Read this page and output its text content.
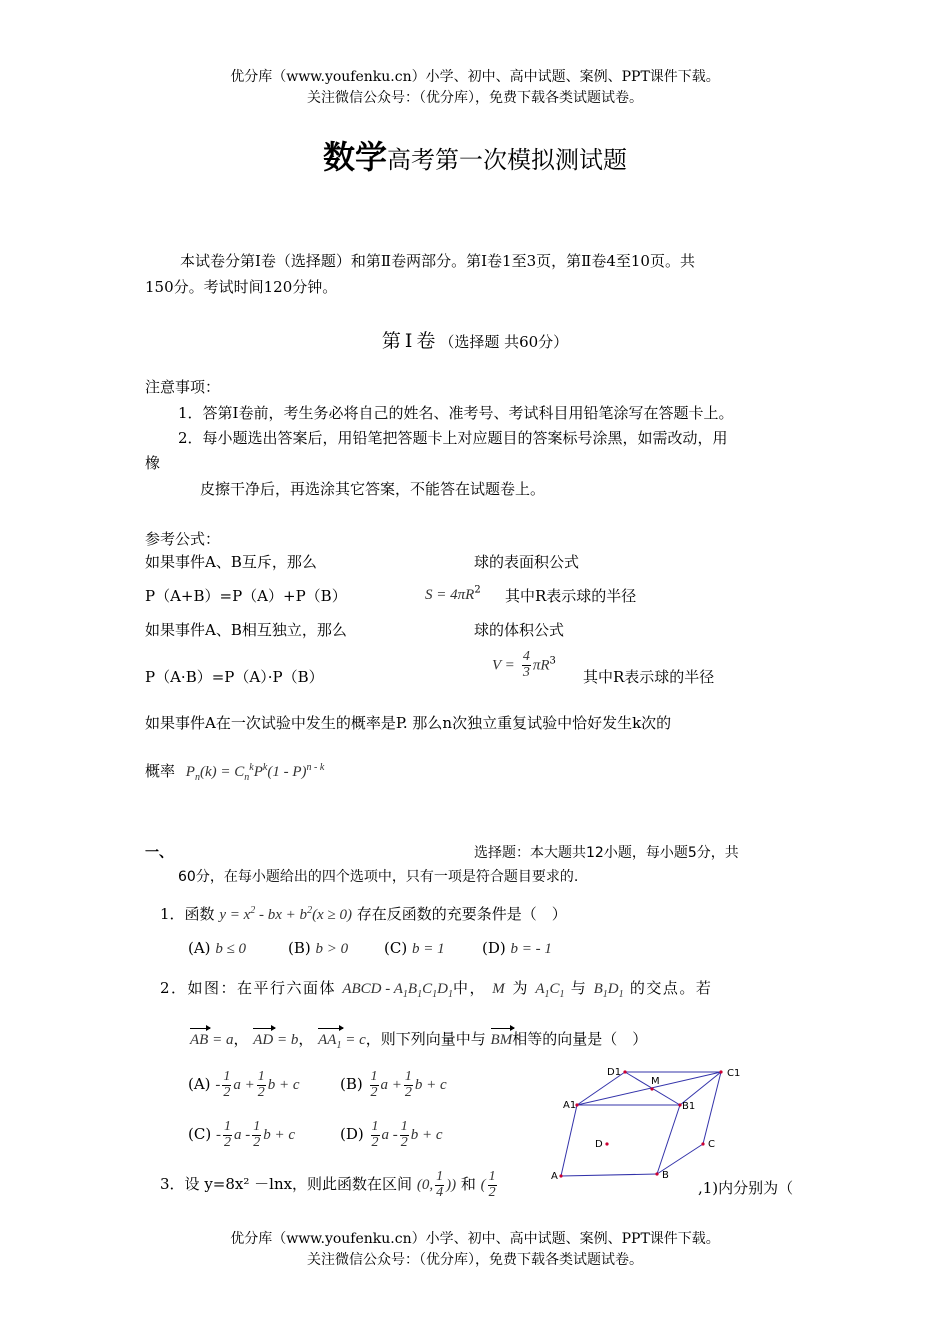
优分库（www.youfenku.cn）小学、初中、高中试题、案例、PPT课件下载。
关注微信公众号：（优分库），免费下载各类试题试卷。
数学高考第一次模拟测试题
本试卷分第Ⅰ卷（选择题）和第Ⅱ卷两部分。第Ⅰ卷1至3页，第Ⅱ卷4至10页。共
150分。考试时间120分钟。
第Ⅰ卷（选择题 共60分）
注意事项：
1．答第Ⅰ卷前，考生务必将自己的姓名、准考号、考试科目用铅笔涂写在答题卡上。
2．每小题选出答案后，用铅笔把答题卡上对应题目的答案标号涂黑，如需改动，用
橡
皮擦干净后，再选涂其它答案，不能答在试题卷上。
参考公式：
如果事件A、B互斥，那么	球的表面积公式
P（A+B）=P（A）+P（B）	$S = 4\pi R^2$ 其中R表示球的半径
如果事件A、B相互独立，那么	球的体积公式
P（A·B）=P（A）·P（B）
$V = \frac{4}{3} \pi R^3$
其中R表示球的半径
如果事件A在一次试验中发生的概率是P. 那么n次独立重复试验中恰好发生k次的
概率 $P_n(k) = C_n^kP^k(1 - P)^{n - k}$
一、	选择题：本大题共12小题，每小题5分，共
60分，在每小题给出的四个选项中，只有一项是符合题目要求的.
1．函数 $y = x^2$ - bx + $b^2(x \ge 0)$ 存在反函数的充要条件是（　）
(A) b ≤ 0	(B) b > 0 (C) b = 1 (D) b = - 1
2．如图：在平行六面体 ABCD - $A_1B_1C_1D_1$中， M 为 $A_1C_1$ 与 $B_1D_1$ 的交点。若
AB = a， AD = b， $AA_1 = c$，则下列向量中与 BM相等的向量是（　）
$(A) - \frac{1}{2}$ $a + \frac{1}{2}$ b + c	$(B) \frac{1}{2}$ $a + \frac{1}{2}$ b + c
$(C) - \frac{1}{2}$ a - $\frac{1}{2}$ b + c	$(D) \frac{1}{2}$ a - $\frac{1}{2}$ b + c
D1	C1
M
A1	B1
D	C
A	B
3．设 y=8x² －lnx，则此函数在区间 (0, $\frac{1}{4}$ )) 和 ( $\frac{1}{2}$	,1)内分别为（
优分库（www.youfenku.cn）小学、初中、高中试题、案例、PPT课件下载。
关注微信公众号：（优分库），免费下载各类试题试卷。
